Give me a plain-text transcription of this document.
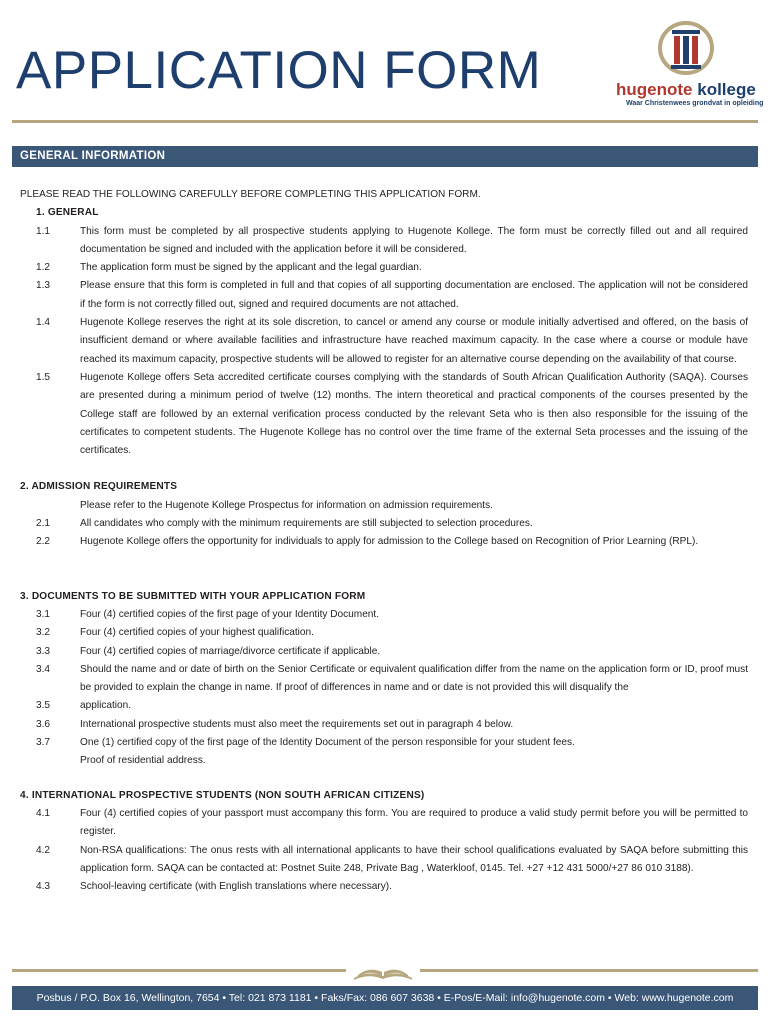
APPLICATION FORM	hugenote kollege
Waar Christenwees grondvat in opleiding
GENERAL INFORMATION

PLEASE READ THE FOLLOWING CAREFULLY BEFORE COMPLETING THIS APPLICATION FORM.

1. GENERAL

1.1	This form must be completed by all prospective students applying to Hugenote Kollege. The form must be correctly filled out and all required documentation be signed and included with the application before it will be considered.
1.2	The application form must be signed by the applicant and the legal guardian.
1.3	Please ensure that this form is completed in full and that copies of all supporting documentation are enclosed. The application will not be considered if the form is not correctly filled out, signed and required documents are not attached.
1.4	Hugenote Kollege reserves the right at its sole discretion, to cancel or amend any course or module initially advertised and offered, on the basis of insufficient demand or where available facilities and infrastructure have reached maximum capacity. In the case where a course or module have reached its maximum capacity, prospective students will be allowed to register for an alternative course depending on the availability of that course.
1.5	Hugenote Kollege offers Seta accredited certificate courses complying with the standards of South African Qualification Authority (SAQA). Courses are presented during a minimum period of twelve (12) months. The intern theoretical and practical components of the courses presented by the College staff are followed by an external verification process conducted by the relevant Seta who is then also responsible for the issuing of the certificates to competent students. The Hugenote Kollege has no control over the time frame of the external Seta processes and the issuing of the certificates.

2. ADMISSION REQUIREMENTS

Please refer to the Hugenote Kollege Prospectus for information on admission requirements.

2.1	All candidates who comply with the minimum requirements are still subjected to selection procedures.
2.2	Hugenote Kollege offers the opportunity for individuals to apply for admission to the College based on Recognition of Prior Learning (RPL).

3. DOCUMENTS TO BE SUBMITTED WITH YOUR APPLICATION FORM

3.1	Four (4) certified copies of the first page of your Identity Document.
3.2	Four (4) certified copies of your highest qualification.
3.3	Four (4) certified copies of marriage/divorce certificate if applicable.
3.4	Should the name and or date of birth on the Senior Certificate or equivalent qualification differ from the name on the application form or ID, proof must be provided to explain the change in name. If proof of differences in name and or date is not provided this will disqualify the
3.5	application.
3.6	International prospective students must also meet the requirements set out in paragraph 4 below.
3.7	One (1) certified copy of the first page of the Identity Document of the person responsible for your student fees.

Proof of residential address.

4. INTERNATIONAL PROSPECTIVE STUDENTS (NON SOUTH AFRICAN CITIZENS)

4.1	Four (4) certified copies of your passport must accompany this form. You are required to produce a valid study permit before you will be permitted to register.
4.2	Non-RSA qualifications: The onus rests with all international applicants to have their school qualifications evaluated by SAQA before submitting this application form. SAQA can be contacted at: Postnet Suite 248, Private Bag , Waterkloof, 0145. Tel. +27 +12 431 5000/+27 86 010 3188).
4.3	School-leaving certificate (with English translations where necessary).
Posbus / P.O. Box 16, Wellington, 7654 • Tel: 021 873 1181 • Faks/Fax: 086 607 3638 • E-Pos/E-Mail: info@hugenote.com • Web: www.hugenote.com
